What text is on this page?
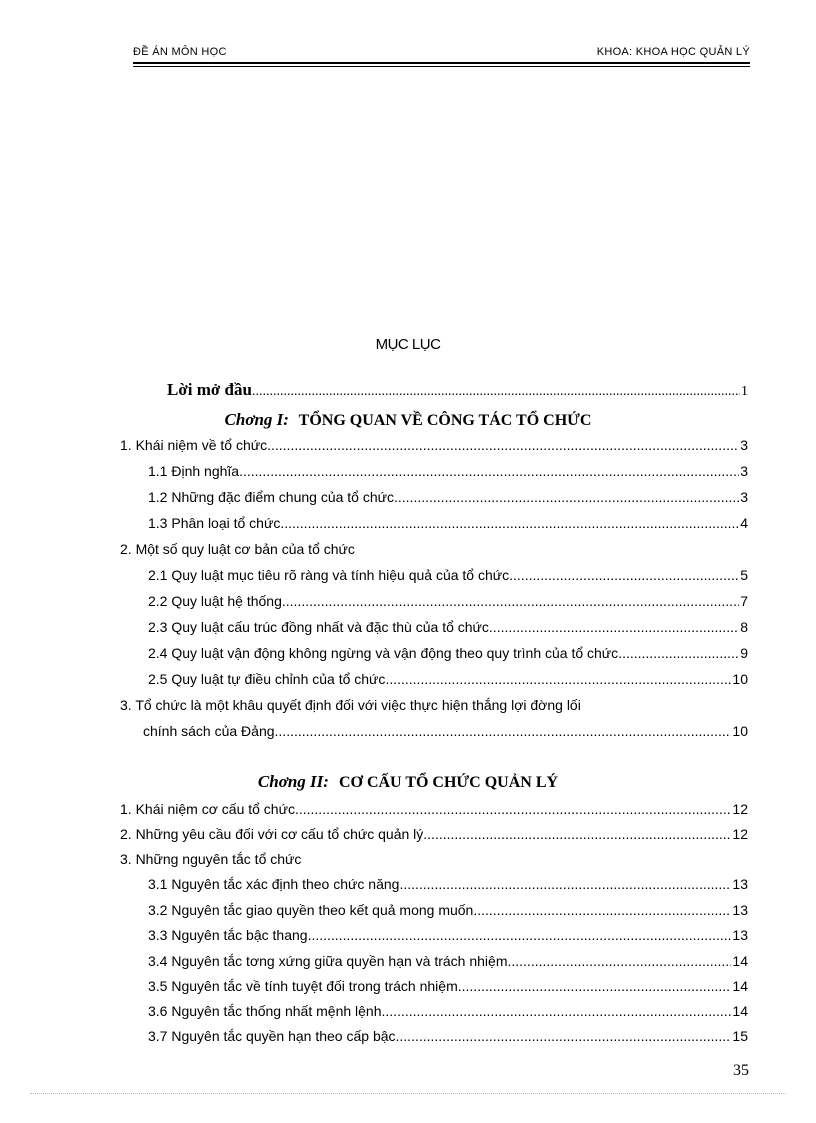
ĐỀ ÁN MÔN HỌC	KHOA: KHOA HỌC QUẢN LÝ
MỤC LỤC
Lời mở đầu .....	1
Chơng I: TỔNG QUAN VỀ CÔNG TÁC TỔ CHỨC
1. Khái niệm về tổ chức .....	3
1.1 Định nghĩa .....	3
1.2 Những đặc điểm chung của tổ chức .....	3
1.3 Phân loại tổ chức .....	4
2. Một số quy luật cơ bản của tổ chức
2.1 Quy luật mục tiêu rõ ràng và tính hiệu quả của tổ chức .....	5
2.2 Quy luật hệ thống .....	7
2.3 Quy luật cấu trúc đồng nhất và đặc thù của tổ chức .....	8
2.4 Quy luật vận động không ngừng và vận động theo quy trình của tổ chức .....	9
2.5 Quy luật tự điều chỉnh của tổ chức .....	10
3. Tổ chức là một khâu quyết định đối với việc thực hiện thắng lợi đờng lối
chính sách của Đảng .....	10
Chơng II: CƠ CẤU TỔ CHỨC QUẢN LÝ
1. Khái niệm cơ cấu tổ chức .....	12
2. Những yêu cầu đối với cơ cấu tổ chức quản lý .....	12
3. Những nguyên tắc tổ chức
3.1 Nguyên tắc xác định theo chức năng .....	13
3.2 Nguyên tắc giao quyền theo kết quả mong muốn .....	13
3.3 Nguyên tắc bậc thang .....	13
3.4 Nguyên tắc tơng xứng giữa quyền hạn và trách nhiệm .....	14
3.5 Nguyên tắc về tính tuyệt đối trong trách nhiệm .....	14
3.6 Nguyên tắc thống nhất mệnh lệnh .....	14
3.7 Nguyên tắc quyền hạn theo cấp bậc .....	15
35
